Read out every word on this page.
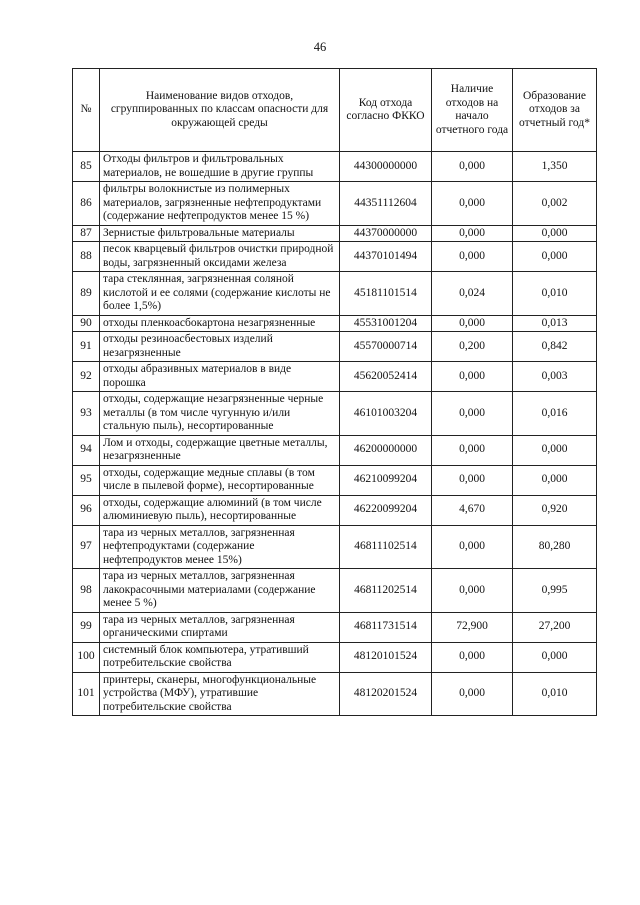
46
№	Наименование видов отходов, сгруппированных по классам опасности для окружающей среды	Код отхода согласно ФККО	Наличие отходов на начало отчетного года	Образование отходов за отчетный год*
85	Отходы фильтров и фильтровальных материалов, не вошедшие в другие группы	44300000000	0,000	1,350
86	фильтры волокнистые из полимерных материалов, загрязненные нефтепродуктами (содержание нефтепродуктов менее 15 %)	44351112604	0,000	0,002
87	Зернистые фильтровальные материалы	44370000000	0,000	0,000
88	песок кварцевый фильтров очистки природной воды, загрязненный оксидами железа	44370101494	0,000	0,000
89	тара стеклянная, загрязненная соляной кислотой и ее солями (содержание кислоты не более 1,5%)	45181101514	0,024	0,010
90	отходы пленкоасбокартона незагрязненные	45531001204	0,000	0,013
91	отходы резиноасбестовых изделий незагрязненные	45570000714	0,200	0,842
92	отходы абразивных материалов в виде порошка	45620052414	0,000	0,003
93	отходы, содержащие незагрязненные черные металлы (в том числе чугунную и/или стальную пыль), несортированные	46101003204	0,000	0,016
94	Лом и отходы, содержащие цветные металлы, незагрязненные	46200000000	0,000	0,000
95	отходы, содержащие медные сплавы (в том числе в пылевой форме), несортированные	46210099204	0,000	0,000
96	отходы, содержащие алюминий (в том числе алюминиевую пыль), несортированные	46220099204	4,670	0,920
97	тара из черных металлов, загрязненная нефтепродуктами (содержание нефтепродуктов менее 15%)	46811102514	0,000	80,280
98	тара из черных металлов, загрязненная лакокрасочными материалами (содержание менее 5 %)	46811202514	0,000	0,995
99	тара из черных металлов, загрязненная органическими спиртами	46811731514	72,900	27,200
100	системный блок компьютера, утративший потребительские свойства	48120101524	0,000	0,000
101	принтеры, сканеры, многофункциональные устройства (МФУ), утратившие потребительские свойства	48120201524	0,000	0,010
